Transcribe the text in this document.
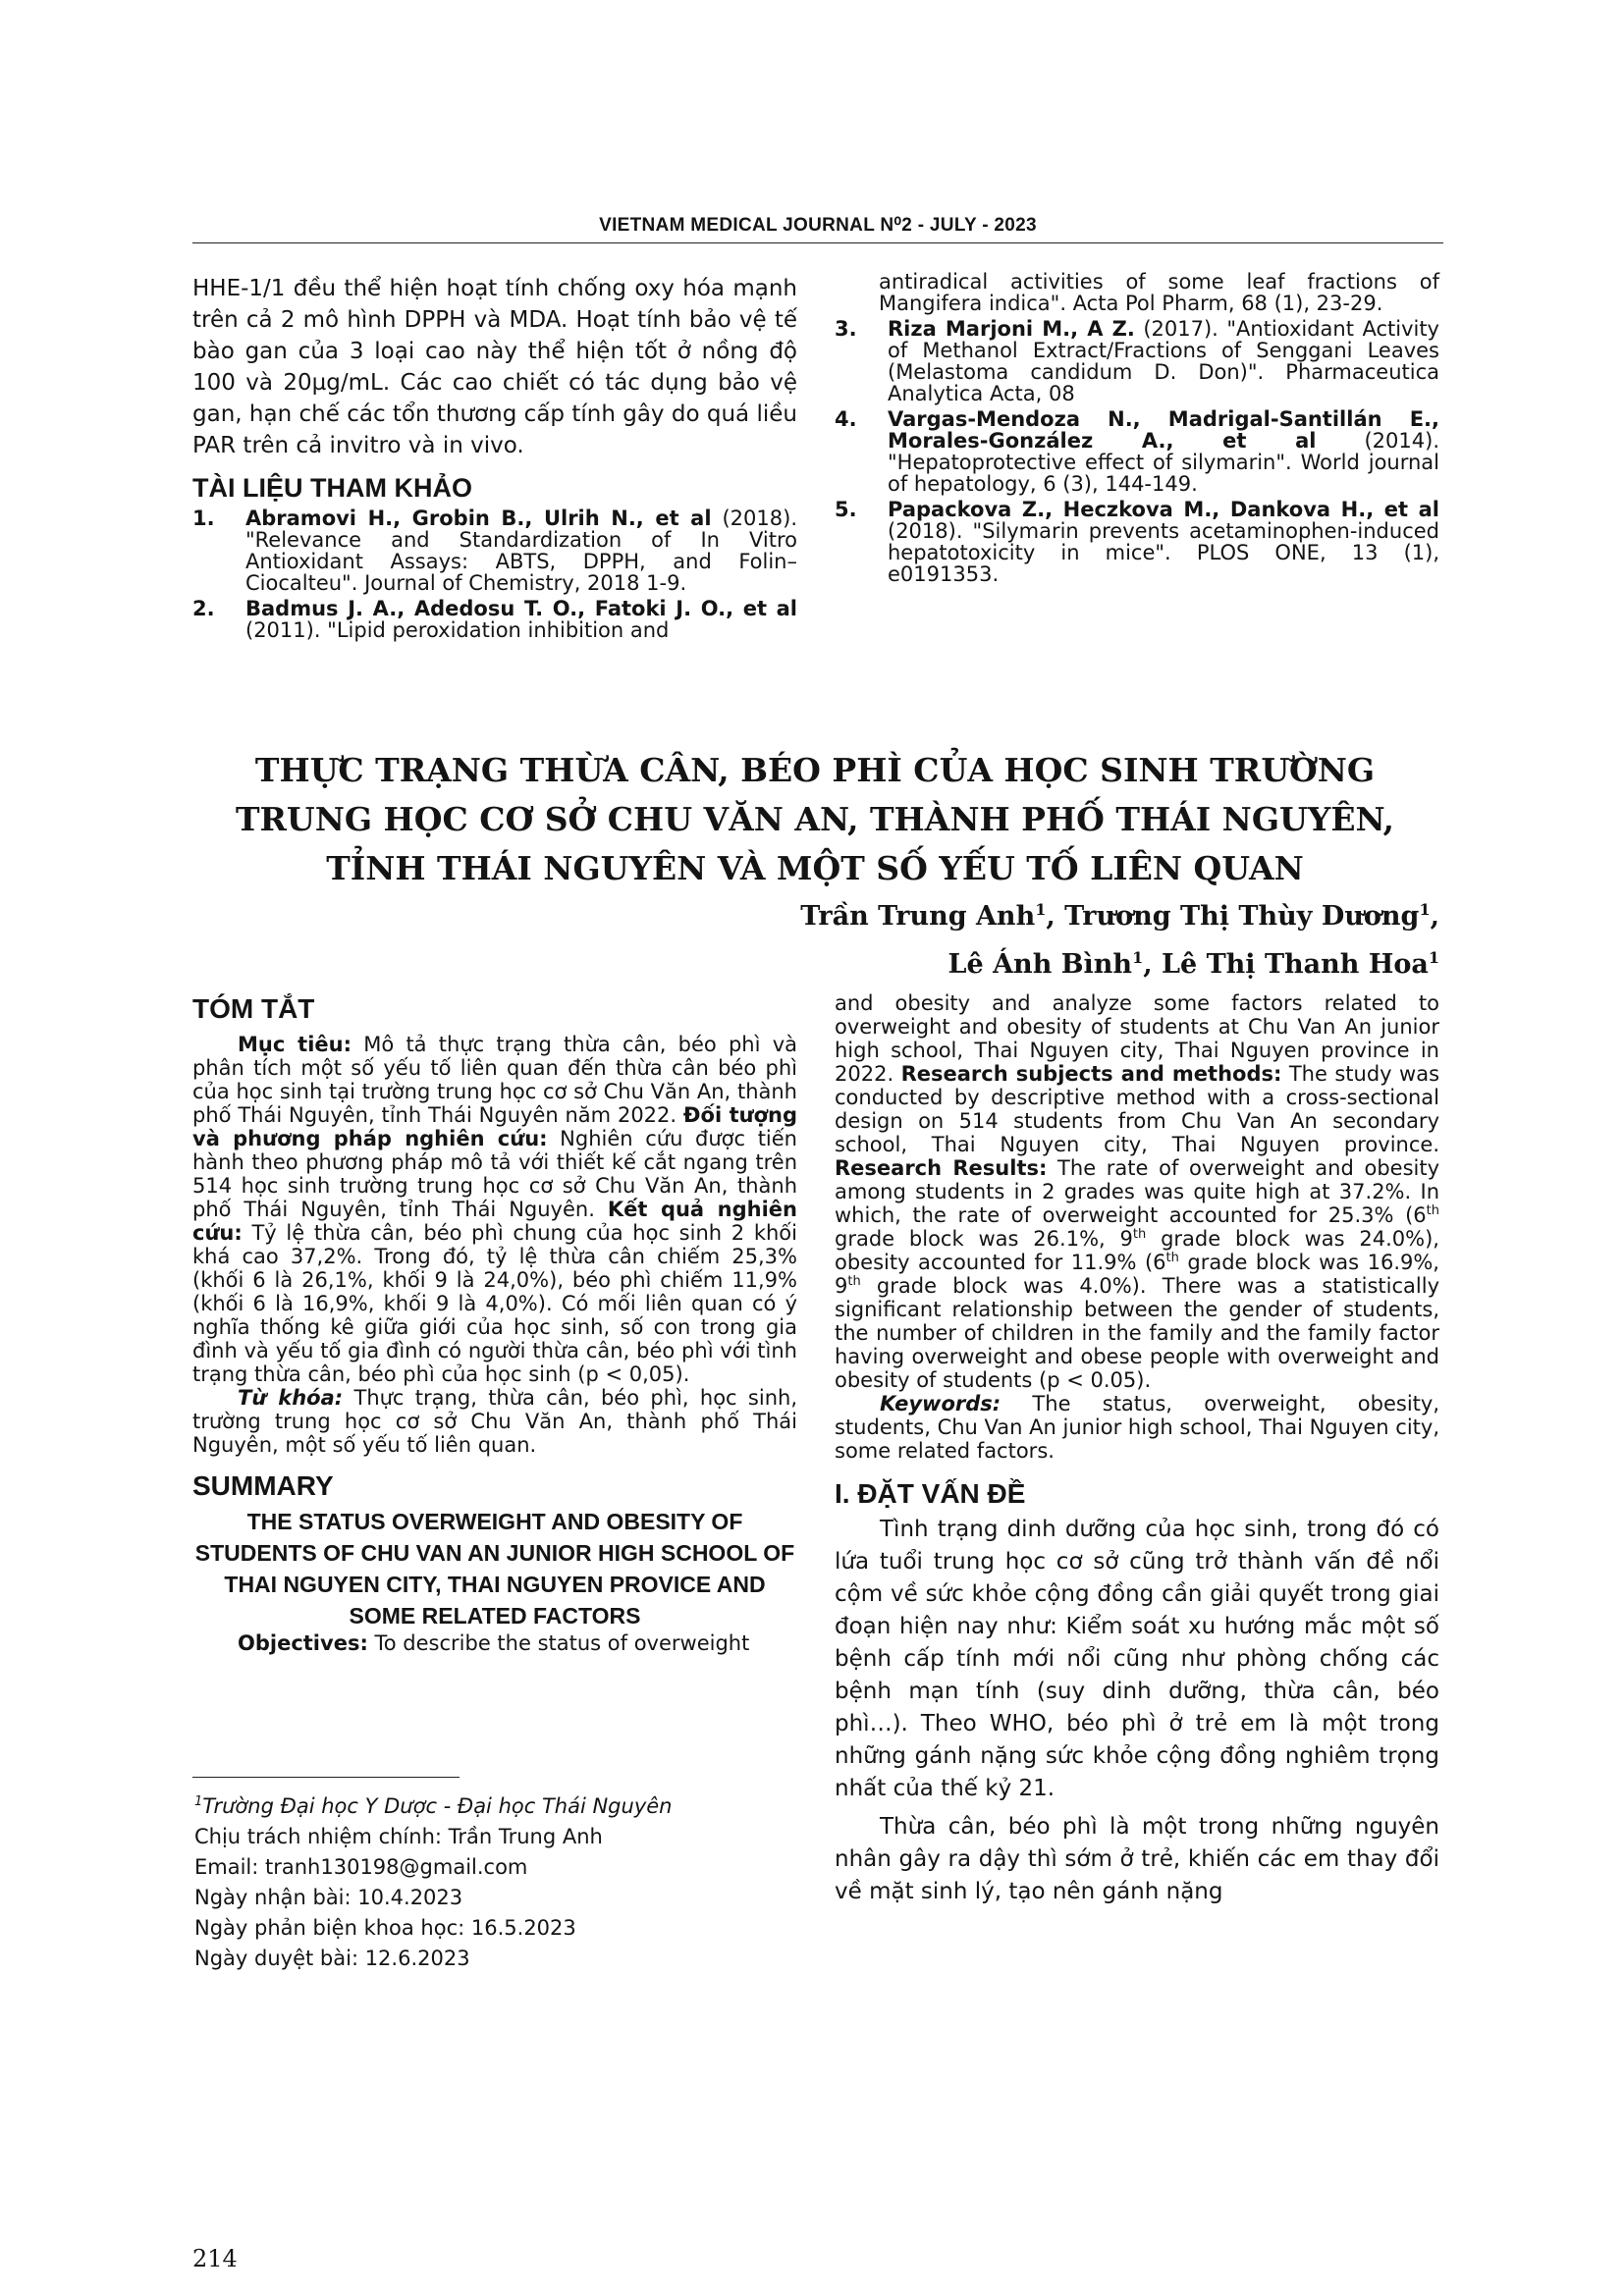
VIETNAM MEDICAL JOURNAL N⁰2 - JULY - 2023

HHE-1/1 đều thể hiện hoạt tính chống oxy hóa mạnh trên cả 2 mô hình DPPH và MDA. Hoạt tính bảo vệ tế bào gan của 3 loại cao này thể hiện tốt ở nồng độ 100 và 20µg/mL. Các cao chiết có tác dụng bảo vệ gan, hạn chế các tổn thương cấp tính gây do quá liều PAR trên cả invitro và in vivo.

TÀI LIỆU THAM KHẢO

1. Abramovi H., Grobin B., Ulrih N., et al (2018). "Relevance and Standardization of In Vitro Antioxidant Assays: ABTS, DPPH, and Folin–Ciocalteu". Journal of Chemistry, 2018 1-9.
2. Badmus J. A., Adedosu T. O., Fatoki J. O., et al (2011). "Lipid peroxidation inhibition and
antiradical activities of some leaf fractions of Mangifera indica". Acta Pol Pharm, 68 (1), 23-29.
3. Riza Marjoni M., A Z. (2017). "Antioxidant Activity of Methanol Extract/Fractions of Senggani Leaves (Melastoma candidum D. Don)". Pharmaceutica Analytica Acta, 08
4. Vargas-Mendoza N., Madrigal-Santillán E., Morales-González A., et al (2014). "Hepatoprotective effect of silymarin". World journal of hepatology, 6 (3), 144-149.
5. Papackova Z., Heczkova M., Dankova H., et al (2018). "Silymarin prevents acetaminophen-induced hepatotoxicity in mice". PLOS ONE, 13 (1), e0191353.
THỰC TRẠNG THỪA CÂN, BÉO PHÌ CỦA HỌC SINH TRƯỜNG
TRUNG HỌC CƠ SỞ CHU VĂN AN, THÀNH PHỐ THÁI NGUYÊN,
TỈNH THÁI NGUYÊN VÀ MỘT SỐ YẾU TỐ LIÊN QUAN
Trần Trung Anh$^1$, Trương Thị Thùy Dương$^1$,
Lê Ánh Bình$^1$, Lê Thị Thanh Hoa$^1$

TÓM TẮT

Mục tiêu: Mô tả thực trạng thừa cân, béo phì và phân tích một số yếu tố liên quan đến thừa cân béo phì của học sinh tại trường trung học cơ sở Chu Văn An, thành phố Thái Nguyên, tỉnh Thái Nguyên năm 2022. Đối tượng và phương pháp nghiên cứu: Nghiên cứu được tiến hành theo phương pháp mô tả với thiết kế cắt ngang trên 514 học sinh trường trung học cơ sở Chu Văn An, thành phố Thái Nguyên, tỉnh Thái Nguyên. Kết quả nghiên cứu: Tỷ lệ thừa cân, béo phì chung của học sinh 2 khối khá cao 37,2%. Trong đó, tỷ lệ thừa cân chiếm 25,3% (khối 6 là 26,1%, khối 9 là 24,0%), béo phì chiếm 11,9% (khối 6 là 16,9%, khối 9 là 4,0%). Có mối liên quan có ý nghĩa thống kê giữa giới của học sinh, số con trong gia đình và yếu tố gia đình có người thừa cân, béo phì với tình trạng thừa cân, béo phì của học sinh (p < 0,05).

Từ khóa: Thực trạng, thừa cân, béo phì, học sinh, trường trung học cơ sở Chu Văn An, thành phố Thái Nguyên, một số yếu tố liên quan.

SUMMARY

THE STATUS OVERWEIGHT AND OBESITY OF STUDENTS OF CHU VAN AN JUNIOR HIGH SCHOOL OF THAI NGUYEN CITY, THAI NGUYEN PROVICE AND SOME RELATED FACTORS

Objectives: To describe the status of overweight

$^1$Trường Đại học Y Dược - Đại học Thái Nguyên
Chịu trách nhiệm chính: Trần Trung Anh
Email: tranh130198@gmail.com
Ngày nhận bài: 10.4.2023
Ngày phản biện khoa học: 16.5.2023
Ngày duyệt bài: 12.6.2023

and obesity and analyze some factors related to overweight and obesity of students at Chu Van An junior high school, Thai Nguyen city, Thai Nguyen province in 2022. Research subjects and methods: The study was conducted by descriptive method with a cross-sectional design on 514 students from Chu Van An secondary school, Thai Nguyen city, Thai Nguyen province. Research Results: The rate of overweight and obesity among students in 2 grades was quite high at 37.2%. In which, the rate of overweight accounted for 25.3% (6th grade block was 26.1%, 9th grade block was 24.0%), obesity accounted for 11.9% (6th grade block was 16.9%, 9th grade block was 4.0%). There was a statistically significant relationship between the gender of students, the number of children in the family and the family factor having overweight and obese people with overweight and obesity of students (p < 0.05).

Keywords: The status, overweight, obesity, students, Chu Van An junior high school, Thai Nguyen city, some related factors.

I. ĐẶT VẤN ĐỀ

Tình trạng dinh dưỡng của học sinh, trong đó có lứa tuổi trung học cơ sở cũng trở thành vấn đề nổi cộm về sức khỏe cộng đồng cần giải quyết trong giai đoạn hiện nay như: Kiểm soát xu hướng mắc một số bệnh cấp tính mới nổi cũng như phòng chống các bệnh mạn tính (suy dinh dưỡng, thừa cân, béo phì…). Theo WHO, béo phì ở trẻ em là một trong những gánh nặng sức khỏe cộng đồng nghiêm trọng nhất của thế kỷ 21.

Thừa cân, béo phì là một trong những nguyên nhân gây ra dậy thì sớm ở trẻ, khiến các em thay đổi về mặt sinh lý, tạo nên gánh nặng

214
